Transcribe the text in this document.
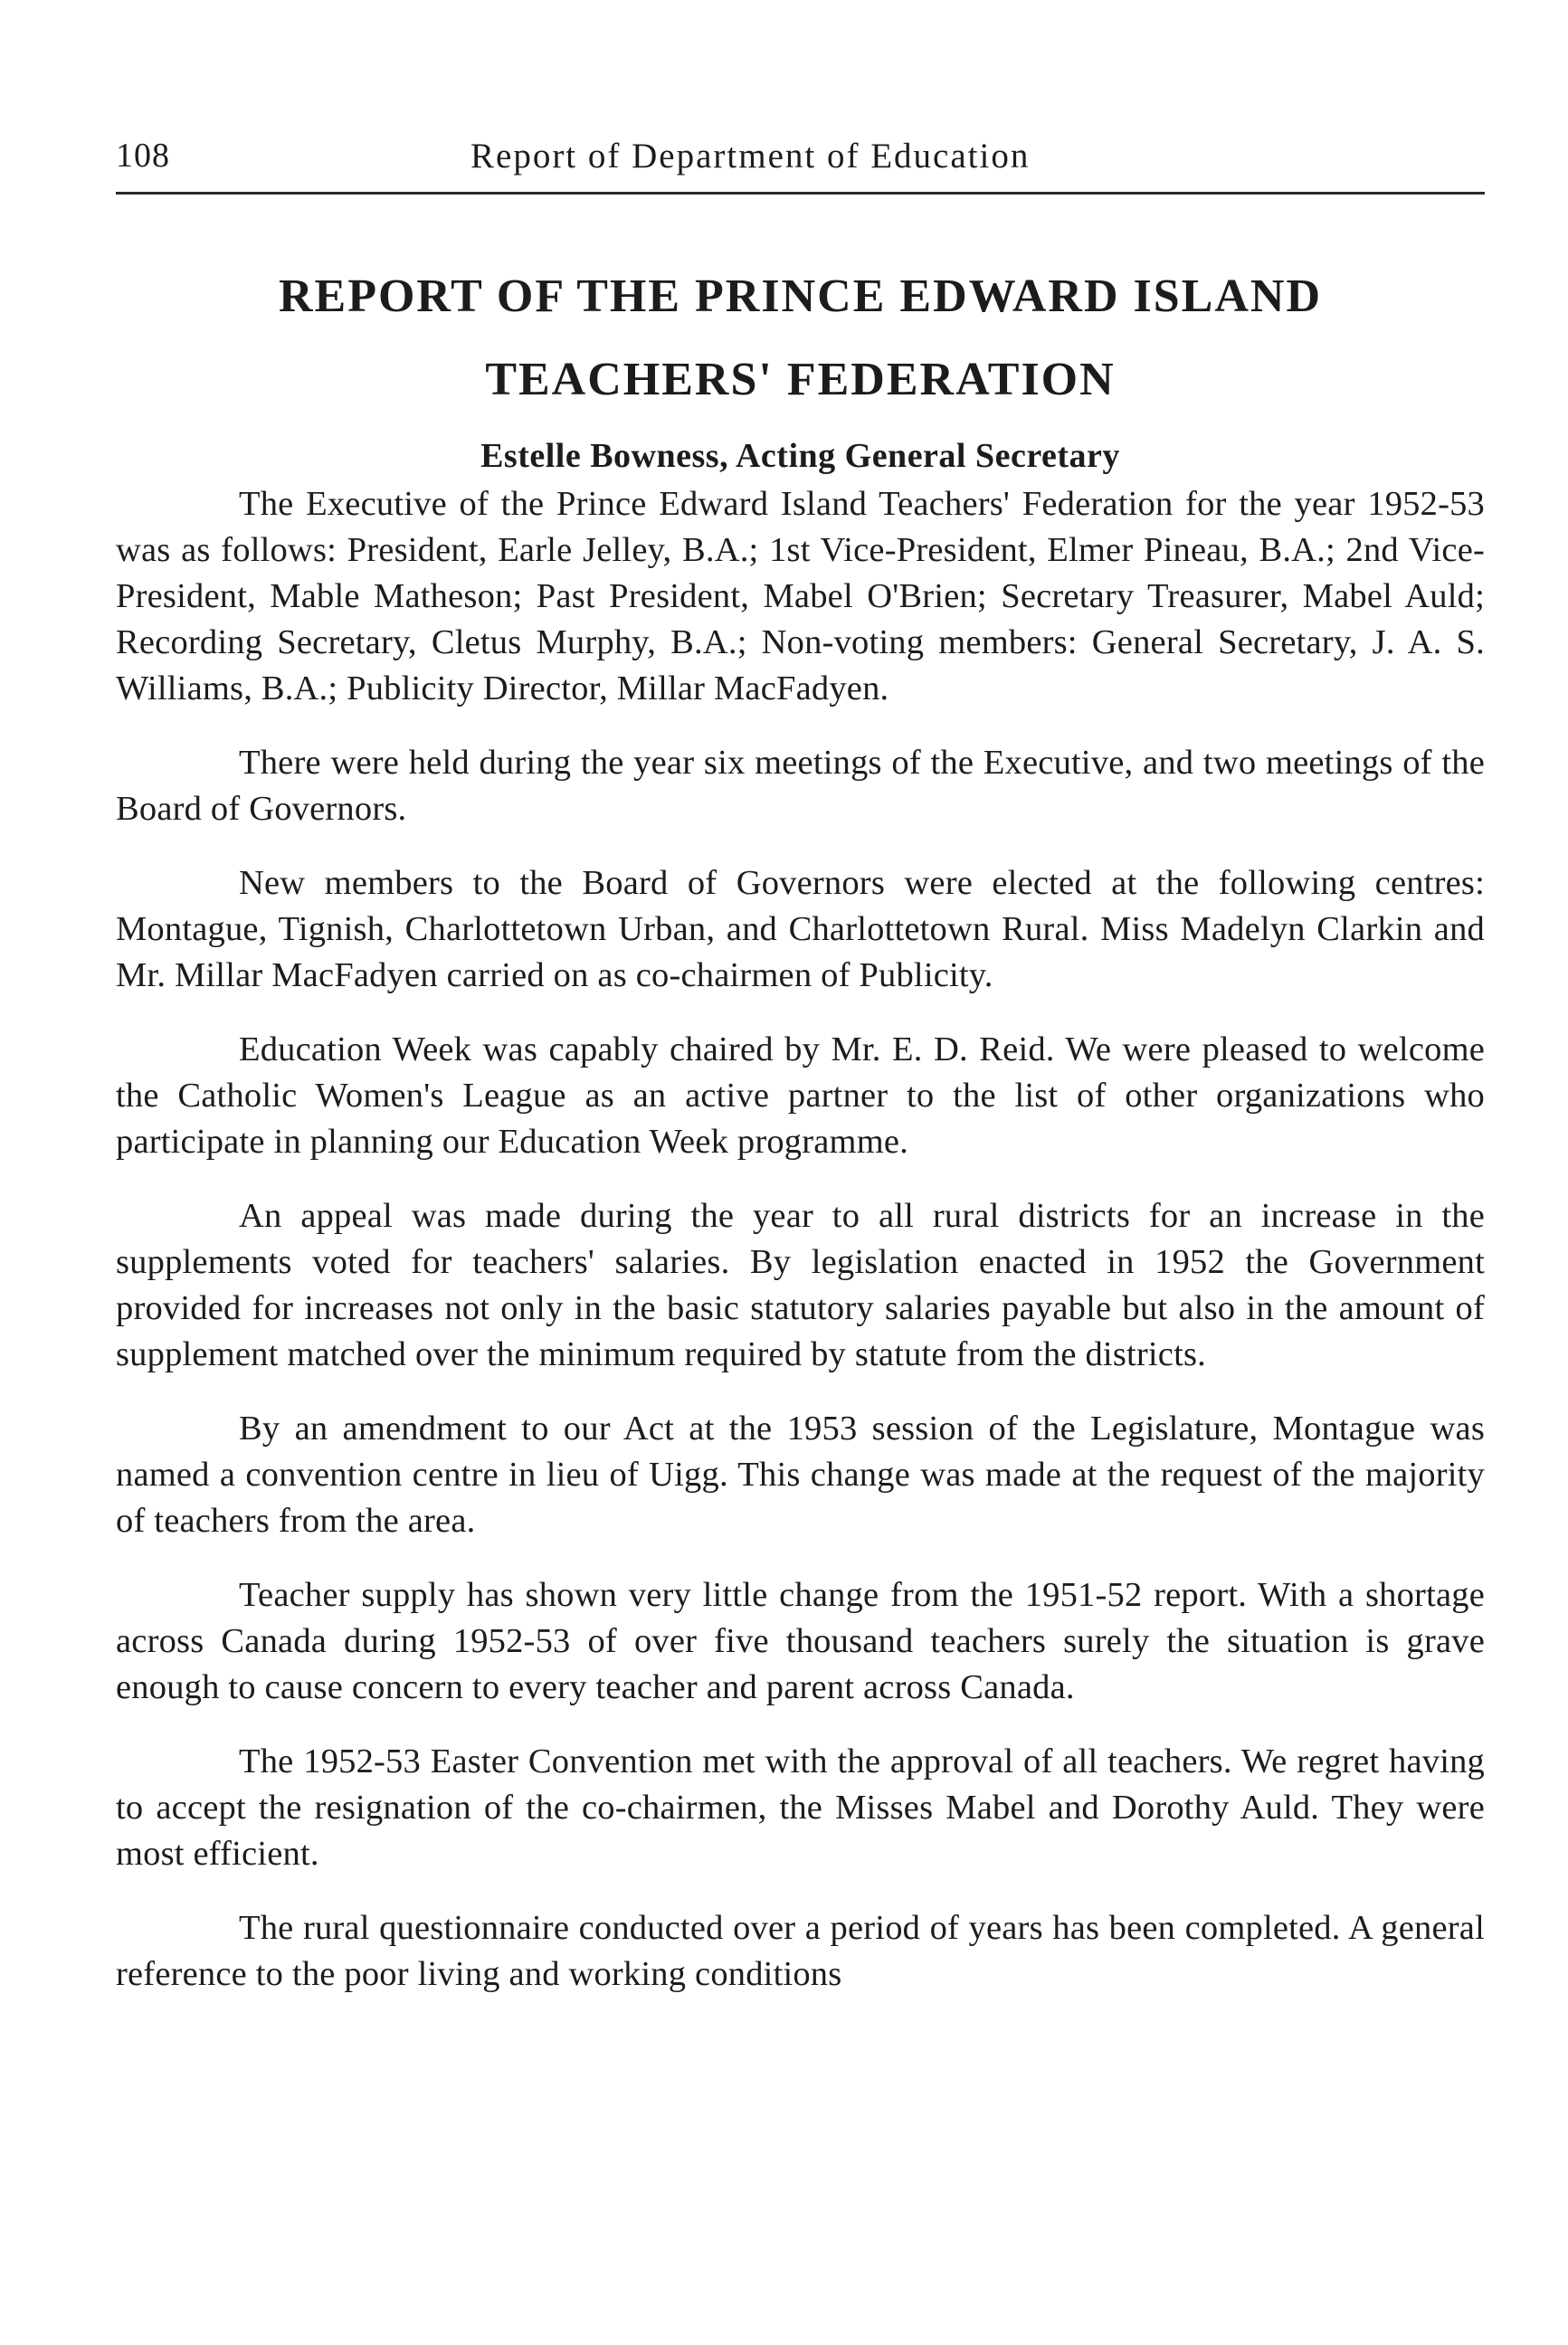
108	Report of Department of Education
REPORT OF THE PRINCE EDWARD ISLAND
TEACHERS' FEDERATION
Estelle Bowness, Acting General Secretary

The Executive of the Prince Edward Island Teachers' Federation for the year 1952-53 was as follows: President, Earle Jelley, B.A.; 1st Vice-President, Elmer Pineau, B.A.; 2nd Vice-President, Mable Matheson; Past President, Mabel O'Brien; Secretary Treasurer, Mabel Auld; Recording Secretary, Cletus Murphy, B.A.; Non-voting members: General Secretary, J. A. S. Williams, B.A.; Publicity Director, Millar MacFadyen.

There were held during the year six meetings of the Executive, and two meetings of the Board of Governors.

New members to the Board of Governors were elected at the following centres: Montague, Tignish, Charlottetown Urban, and Charlottetown Rural. Miss Madelyn Clarkin and Mr. Millar MacFadyen carried on as co-chairmen of Publicity.

Education Week was capably chaired by Mr. E. D. Reid. We were pleased to welcome the Catholic Women's League as an active partner to the list of other organizations who participate in planning our Education Week programme.

An appeal was made during the year to all rural districts for an increase in the supplements voted for teachers' salaries. By legislation enacted in 1952 the Government provided for increases not only in the basic statutory salaries payable but also in the amount of supplement matched over the minimum required by statute from the districts.

By an amendment to our Act at the 1953 session of the Legislature, Montague was named a convention centre in lieu of Uigg. This change was made at the request of the majority of teachers from the area.

Teacher supply has shown very little change from the 1951-52 report. With a shortage across Canada during 1952-53 of over five thousand teachers surely the situation is grave enough to cause concern to every teacher and parent across Canada.

The 1952-53 Easter Convention met with the approval of all teachers. We regret having to accept the resignation of the co-chairmen, the Misses Mabel and Dorothy Auld. They were most efficient.

The rural questionnaire conducted over a period of years has been completed. A general reference to the poor living and working conditions
